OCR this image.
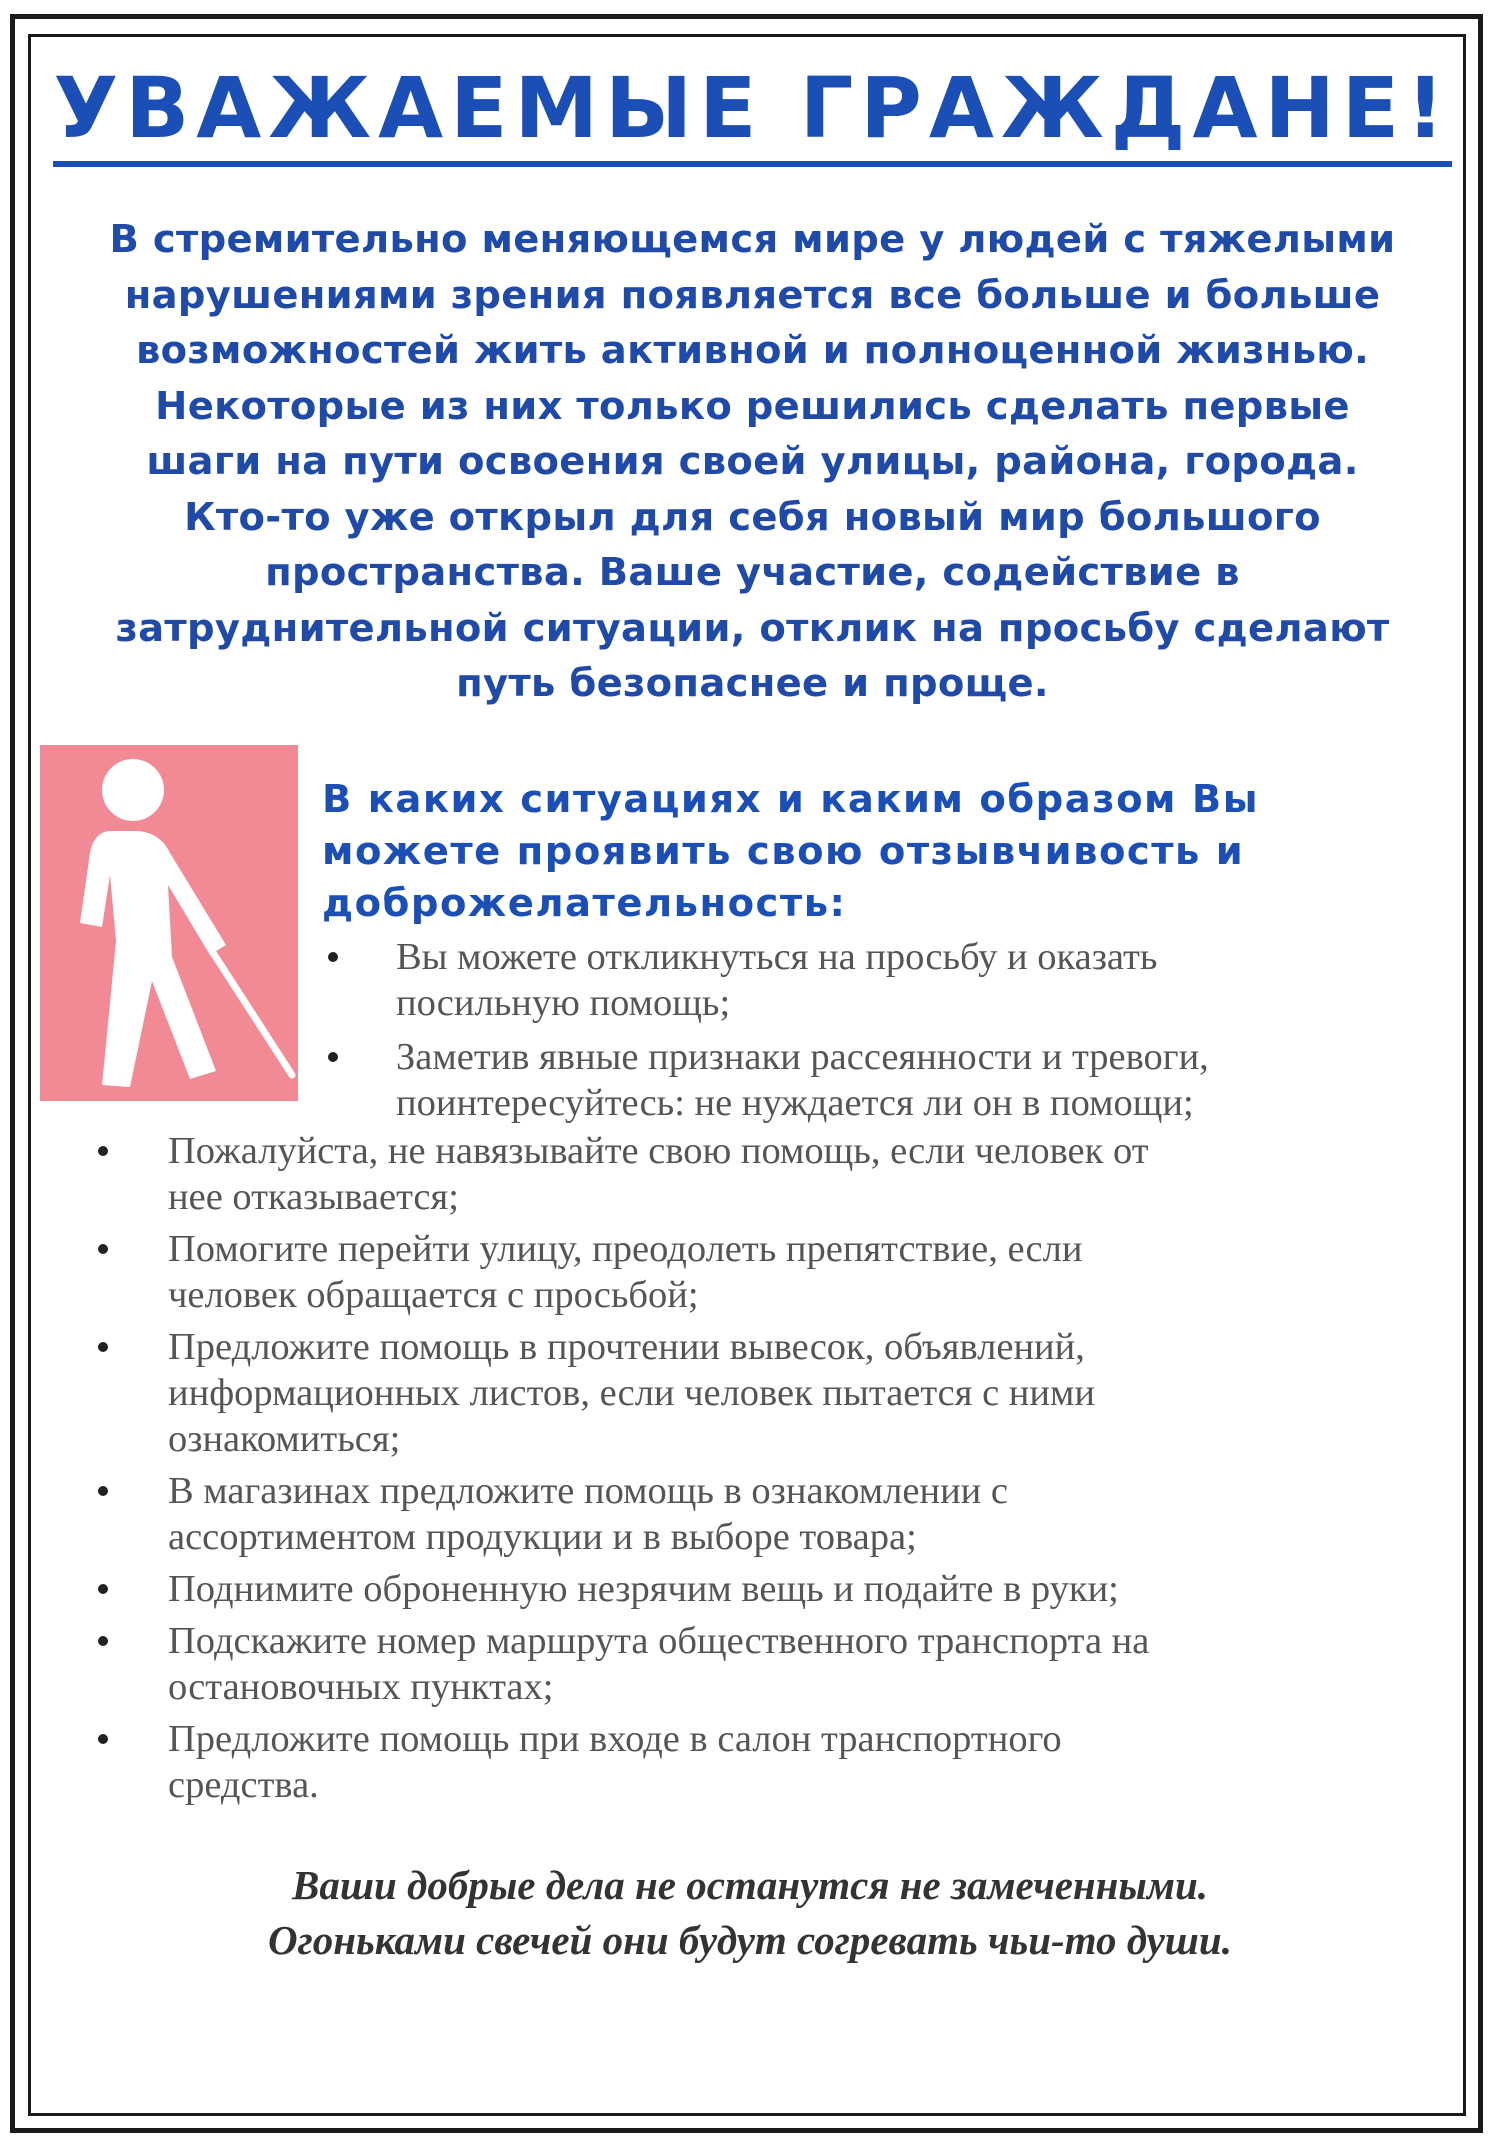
УВАЖАЕМЫЕ ГРАЖДАНЕ!
В стремительно меняющемся мире у людей с тяжелыми
нарушениями зрения появляется все больше и больше
возможностей жить активной и полноценной жизнью.
Некоторые из них только решились сделать первые
шаги на пути освоения своей улицы, района, города.
Кто-то уже открыл для себя новый мир большого
пространства. Ваше участие, содействие в
затруднительной ситуации, отклик на просьбу сделают
путь безопаснее и проще.
В каких ситуациях и каким образом Вы
можете проявить свою отзывчивость и
доброжелательность:
Вы можете откликнуться на просьбу и оказать
посильную помощь;
Заметив явные признаки рассеянности и тревоги,
поинтересуйтесь: не нуждается ли он в помощи;
Пожалуйста, не навязывайте свою помощь, если человек от
нее отказывается;
Помогите перейти улицу, преодолеть препятствие, если
человек обращается с просьбой;
Предложите помощь в прочтении вывесок, объявлений,
информационных листов, если человек пытается с ними
ознакомиться;
В магазинах предложите помощь в ознакомлении с
ассортиментом продукции и в выборе товара;
Поднимите оброненную незрячим вещь и подайте в руки;
Подскажите номер маршрута общественного транспорта на
остановочных пунктах;
Предложите помощь при входе в салон транспортного
средства.
Ваши добрые дела не останутся не замеченными.
Огоньками свечей они будут согревать чьи-то души.
